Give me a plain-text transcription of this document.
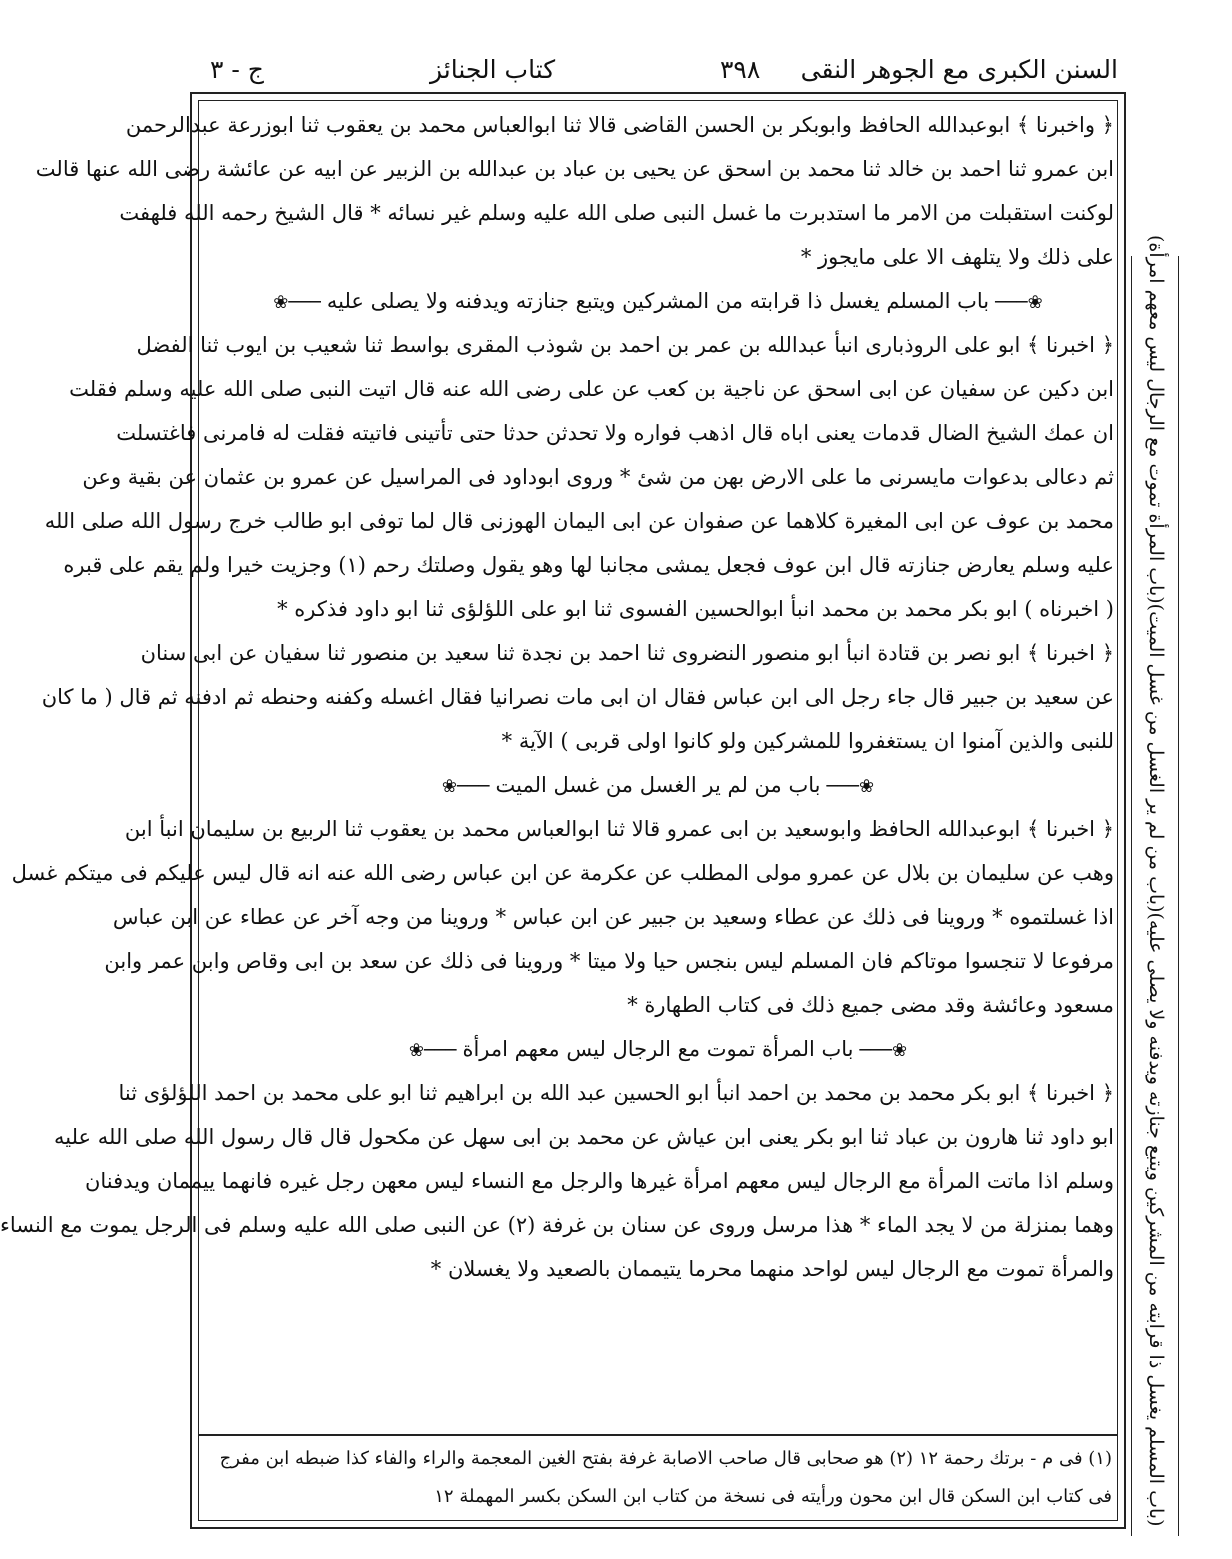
ج - ٣	كتاب الجنائز	٣٩٨ السنن الكبرى مع الجوهر النقى
﴿ واخبرنا ﴾ ابوعبدالله الحافظ وابوبكر بن الحسن القاضى قالا ثنا ابوالعباس محمد بن يعقوب ثنا ابوزرعة عبدالرحمن
ابن عمرو ثنا احمد بن خالد ثنا محمد بن اسحق عن يحيى بن عباد بن عبدالله بن الزبير عن ابيه عن عائشة رضى الله عنها قالت
لوكنت استقبلت من الامر ما استدبرت ما غسل النبى صلى الله عليه وسلم غير نسائه * قال الشيخ رحمه الله فلهفت
على ذلك ولا يتلهف الا على مايجوز *
❀───باب المسلم يغسل ذا قرابته من المشركين ويتبع جنازته ويدفنه ولا يصلى عليه───❀
﴿ اخبرنا ﴾ ابو على الروذبارى انبأ عبدالله بن عمر بن احمد بن شوذب المقرى بواسط ثنا شعيب بن ايوب ثنا الفضل
ابن دكين عن سفيان عن ابى اسحق عن ناجية بن كعب عن على رضى الله عنه قال اتيت النبى صلى الله عليه وسلم فقلت
ان عمك الشيخ الضال قدمات يعنى اباه قال اذهب فواره ولا تحدثن حدثا حتى تأتينى فاتيته فقلت له فامرنى فاغتسلت
ثم دعالى بدعوات مايسرنى ما على الارض بهن من شئ * وروى ابوداود فى المراسيل عن عمرو بن عثمان عن بقية وعن
محمد بن عوف عن ابى المغيرة كلاهما عن صفوان عن ابى اليمان الهوزنى قال لما توفى ابو طالب خرج رسول الله صلى الله
عليه وسلم يعارض جنازته قال ابن عوف فجعل يمشى مجانبا لها وهو يقول وصلتك رحم (١) وجزيت خيرا ولم يقم على قبره
( اخبرناه ) ابو بكر محمد بن محمد انبأ ابوالحسين الفسوى ثنا ابو على اللؤلؤى ثنا ابو داود فذكره *
﴿ اخبرنا ﴾ ابو نصر بن قتادة انبأ ابو منصور النضروى ثنا احمد بن نجدة ثنا سعيد بن منصور ثنا سفيان عن ابى سنان
عن سعيد بن جبير قال جاء رجل الى ابن عباس فقال ان ابى مات نصرانيا فقال اغسله وكفنه وحنطه ثم ادفنه ثم قال ( ما كان
للنبى والذين آمنوا ان يستغفروا للمشركين ولو كانوا اولى قربى ) الآية *
❀───باب من لم ير الغسل من غسل الميت───❀
﴿ اخبرنا ﴾ ابوعبدالله الحافظ وابوسعيد بن ابى عمرو قالا ثنا ابوالعباس محمد بن يعقوب ثنا الربيع بن سليمان انبأ ابن
وهب عن سليمان بن بلال عن عمرو مولى المطلب عن عكرمة عن ابن عباس رضى الله عنه انه قال ليس عليكم فى ميتكم غسل
اذا غسلتموه * وروينا فى ذلك عن عطاء وسعيد بن جبير عن ابن عباس * وروينا من وجه آخر عن عطاء عن ابن عباس
مرفوعا لا تنجسوا موتاكم فان المسلم ليس بنجس حيا ولا ميتا * وروينا فى ذلك عن سعد بن ابى وقاص وابن عمر وابن
مسعود وعائشة وقد مضى جميع ذلك فى كتاب الطهارة *
❀───باب المرأة تموت مع الرجال ليس معهم امرأة───❀
﴿ اخبرنا ﴾ ابو بكر محمد بن محمد بن احمد انبأ ابو الحسين عبد الله بن ابراهيم ثنا ابو على محمد بن احمد اللؤلؤى ثنا
ابو داود ثنا هارون بن عباد ثنا ابو بكر يعنى ابن عياش عن محمد بن ابى سهل عن مكحول قال قال رسول الله صلى الله عليه
وسلم اذا ماتت المرأة مع الرجال ليس معهم امرأة غيرها والرجل مع النساء ليس معهن رجل غيره فانهما ييممان ويدفنان
وهما بمنزلة من لا يجد الماء * هذا مرسل وروى عن سنان بن غرفة (٢) عن النبى صلى الله عليه وسلم فى الرجل يموت مع النساء
والمرأة تموت مع الرجال ليس لواحد منهما محرما يتيممان بالصعيد ولا يغسلان *
(١) فى م - برتك رحمة ١٢ (٢) هو صحابى قال صاحب الاصابة غرفة بفتح الغين المعجمة والراء والفاء كذا ضبطه ابن مفرج
فى كتاب ابن السكن قال ابن محون ورأيته فى نسخة من كتاب ابن السكن بكسر المهملة ١٢	(باب المسلم يغسل ذا قرابته من المشركين ويتبع جنازته ويدفنه ولا يصلى عليه)(باب من لم ير الغسل من غسل الميت)(باب المرأة تموت مع الرجال ليس معهم امرأة)
